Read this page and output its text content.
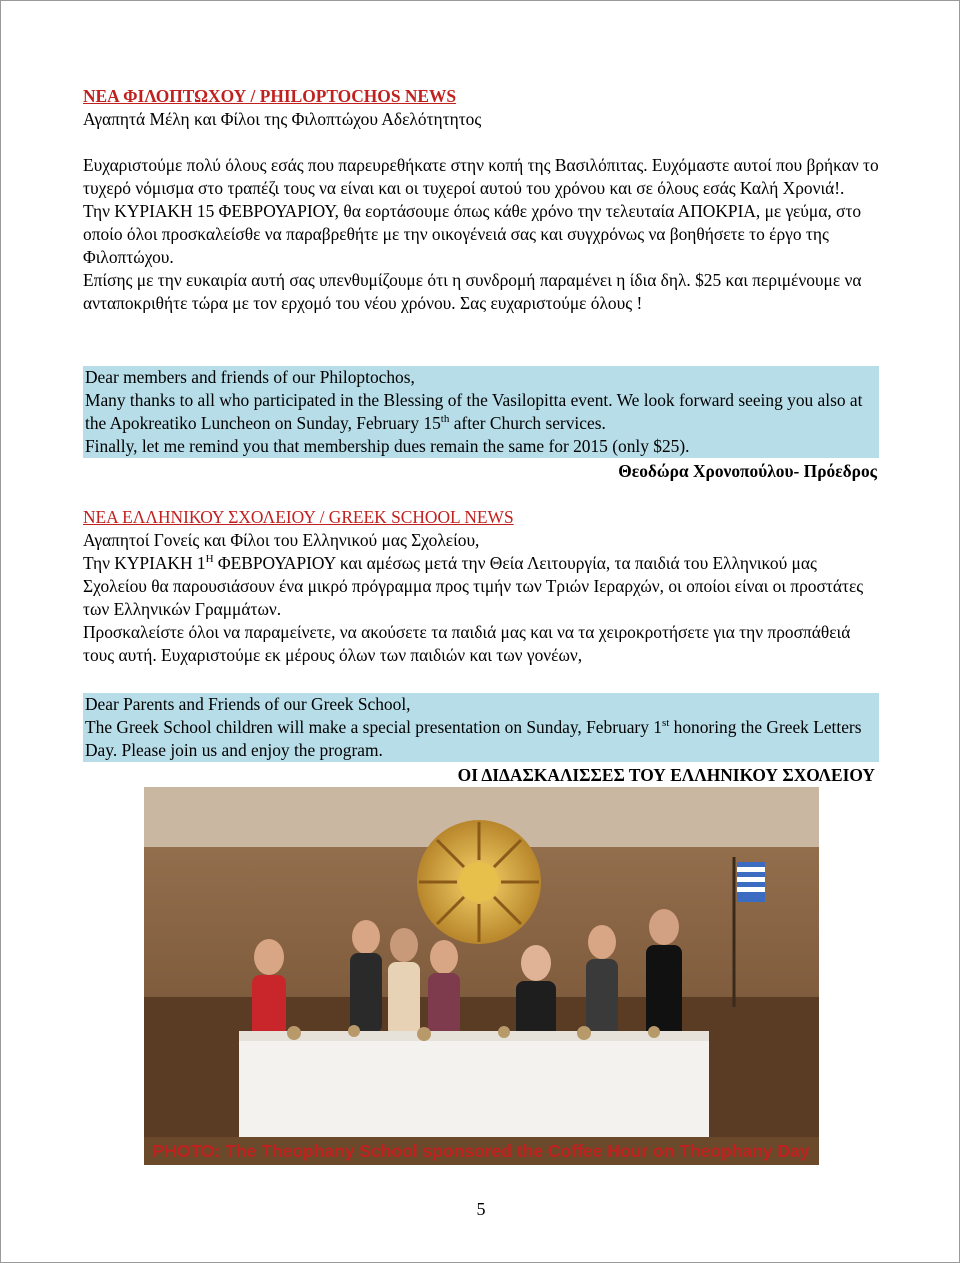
ΝΕΑ ΦΙΛΟΠΤΩΧΟΥ / PHILOPTOCHOS NEWS

Αγαπητά Μέλη και Φίλοι της Φιλοπτώχου Αδελότητητος

Ευχαριστούμε πολύ όλους εσάς που παρευρεθήκατε στην κοπή της Βασιλόπιτας. Ευχόμαστε αυτοί που βρήκαν το τυχερό νόμισμα στο τραπέζι τους να είναι και οι τυχεροί αυτού του χρόνου και σε όλους εσάς Καλή Χρονιά!.

Την ΚΥΡΙΑΚΗ 15 ΦΕΒΡΟΥΑΡΙΟΥ, θα εορτάσουμε όπως κάθε χρόνο την τελευταία ΑΠΟΚΡΙΑ, με γεύμα, στο οποίο όλοι προσκαλείσθε να παραβρεθήτε με την οικογένειά σας και συγχρόνως να βοηθήσετε το έργο της Φιλοπτώχου.

Επίσης με την ευκαιρία αυτή σας υπενθυμίζουμε ότι η συνδρομή παραμένει η ίδια δηλ. $25 και περιμένουμε να ανταποκριθήτε τώρα με τον ερχομό του νέου χρόνου. Σας ευχαριστούμε όλους !

Dear members and friends of our Philoptochos,

Many thanks to all who participated in the Blessing of the Vasilopitta event. We look forward seeing you also at the Apokreatiko Luncheon on Sunday, February 15th after Church services.

Finally, let me remind you that membership dues remain the same for 2015 (only $25).

Θεοδώρα Χρονοπούλου- Πρόεδρος

ΝΕΑ ΕΛΛΗΝΙΚΟΥ ΣΧΟΛΕΙΟΥ / GREEK SCHOOL NEWS

Αγαπητοί Γονείς και Φίλοι του Ελληνικού μας Σχολείου,

Την ΚΥΡΙΑΚΗ $1^H$ ΦΕΒΡΟΥΑΡΙΟΥ και αμέσως μετά την Θεία Λειτουργία, τα παιδιά του Ελληνικού μας Σχολείου θα παρουσιάσουν ένα μικρό πρόγραμμα προς τιμήν των Τριών Ιεραρχών, οι οποίοι είναι οι προστάτες των Ελληνικών Γραμμάτων.

Προσκαλείστε όλοι να παραμείνετε, να ακούσετε τα παιδιά μας και να τα χειροκροτήσετε για την προσπάθειά τους αυτή. Ευχαριστούμε εκ μέρους όλων των παιδιών και των γονέων,

Dear Parents and Friends of our Greek School,

The Greek School children will make a special presentation on Sunday, February 1st honoring the Greek Letters Day. Please join us and enjoy the program.

ΟΙ ΔΙΔΑΣΚΑΛΙΣΣΕΣ ΤΟΥ ΕΛΛΗΝΙΚΟΥ ΣΧΟΛΕΙΟΥ
PHOTO: The Theophany School sponsored the Coffee Hour on Theophany Day
5
